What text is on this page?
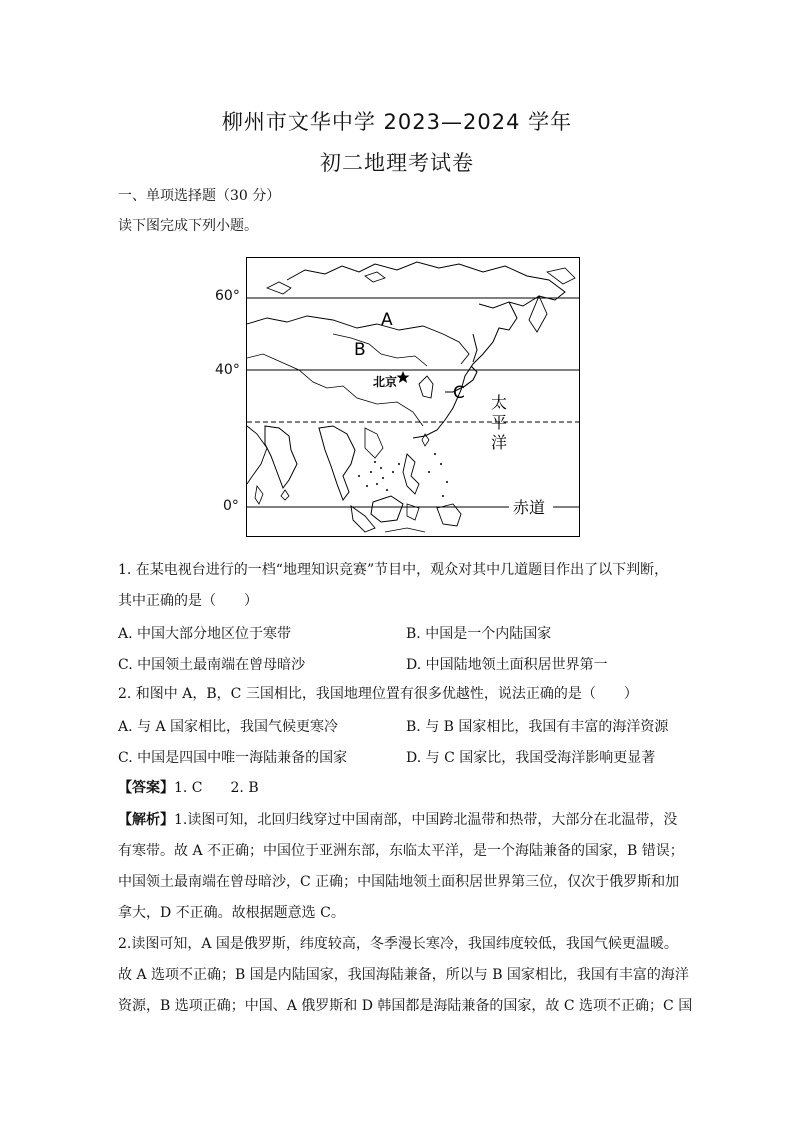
柳州市文华中学 2023—2024 学年
初二地理考试卷
一、单项选择题（30 分）
读下图完成下列小题。
60°
40°
0°
A
B
C
北京
太
平
洋
赤道
1. 在某电视台进行的一档“地理知识竞赛”节目中，观众对其中几道题目作出了以下判断，
其中正确的是（　　）
A. 中国大部分地区位于寒带	B. 中国是一个内陆国家
C. 中国领土最南端在曾母暗沙	D. 中国陆地领土面积居世界第一
2. 和图中 A，B，C 三国相比，我国地理位置有很多优越性，说法正确的是（　　）
A. 与 A 国家相比，我国气候更寒冷	B. 与 B 国家相比，我国有丰富的海洋资源
C. 中国是四国中唯一海陆兼备的国家	D. 与 C 国家比，我国受海洋影响更显著
【答案】1. C　　2. B
【解析】1.读图可知，北回归线穿过中国南部，中国跨北温带和热带，大部分在北温带，没
有寒带。故 A 不正确；中国位于亚洲东部，东临太平洋，是一个海陆兼备的国家，B 错误；
中国领土最南端在曾母暗沙，C 正确；中国陆地领土面积居世界第三位，仅次于俄罗斯和加
拿大，D 不正确。故根据题意选 C。
2.读图可知，A 国是俄罗斯，纬度较高，冬季漫长寒冷，我国纬度较低，我国气候更温暖。
故 A 选项不正确；B 国是内陆国家，我国海陆兼备，所以与 B 国家相比，我国有丰富的海洋
资源，B 选项正确；中国、A 俄罗斯和 D 韩国都是海陆兼备的国家，故 C 选项不正确；C 国
